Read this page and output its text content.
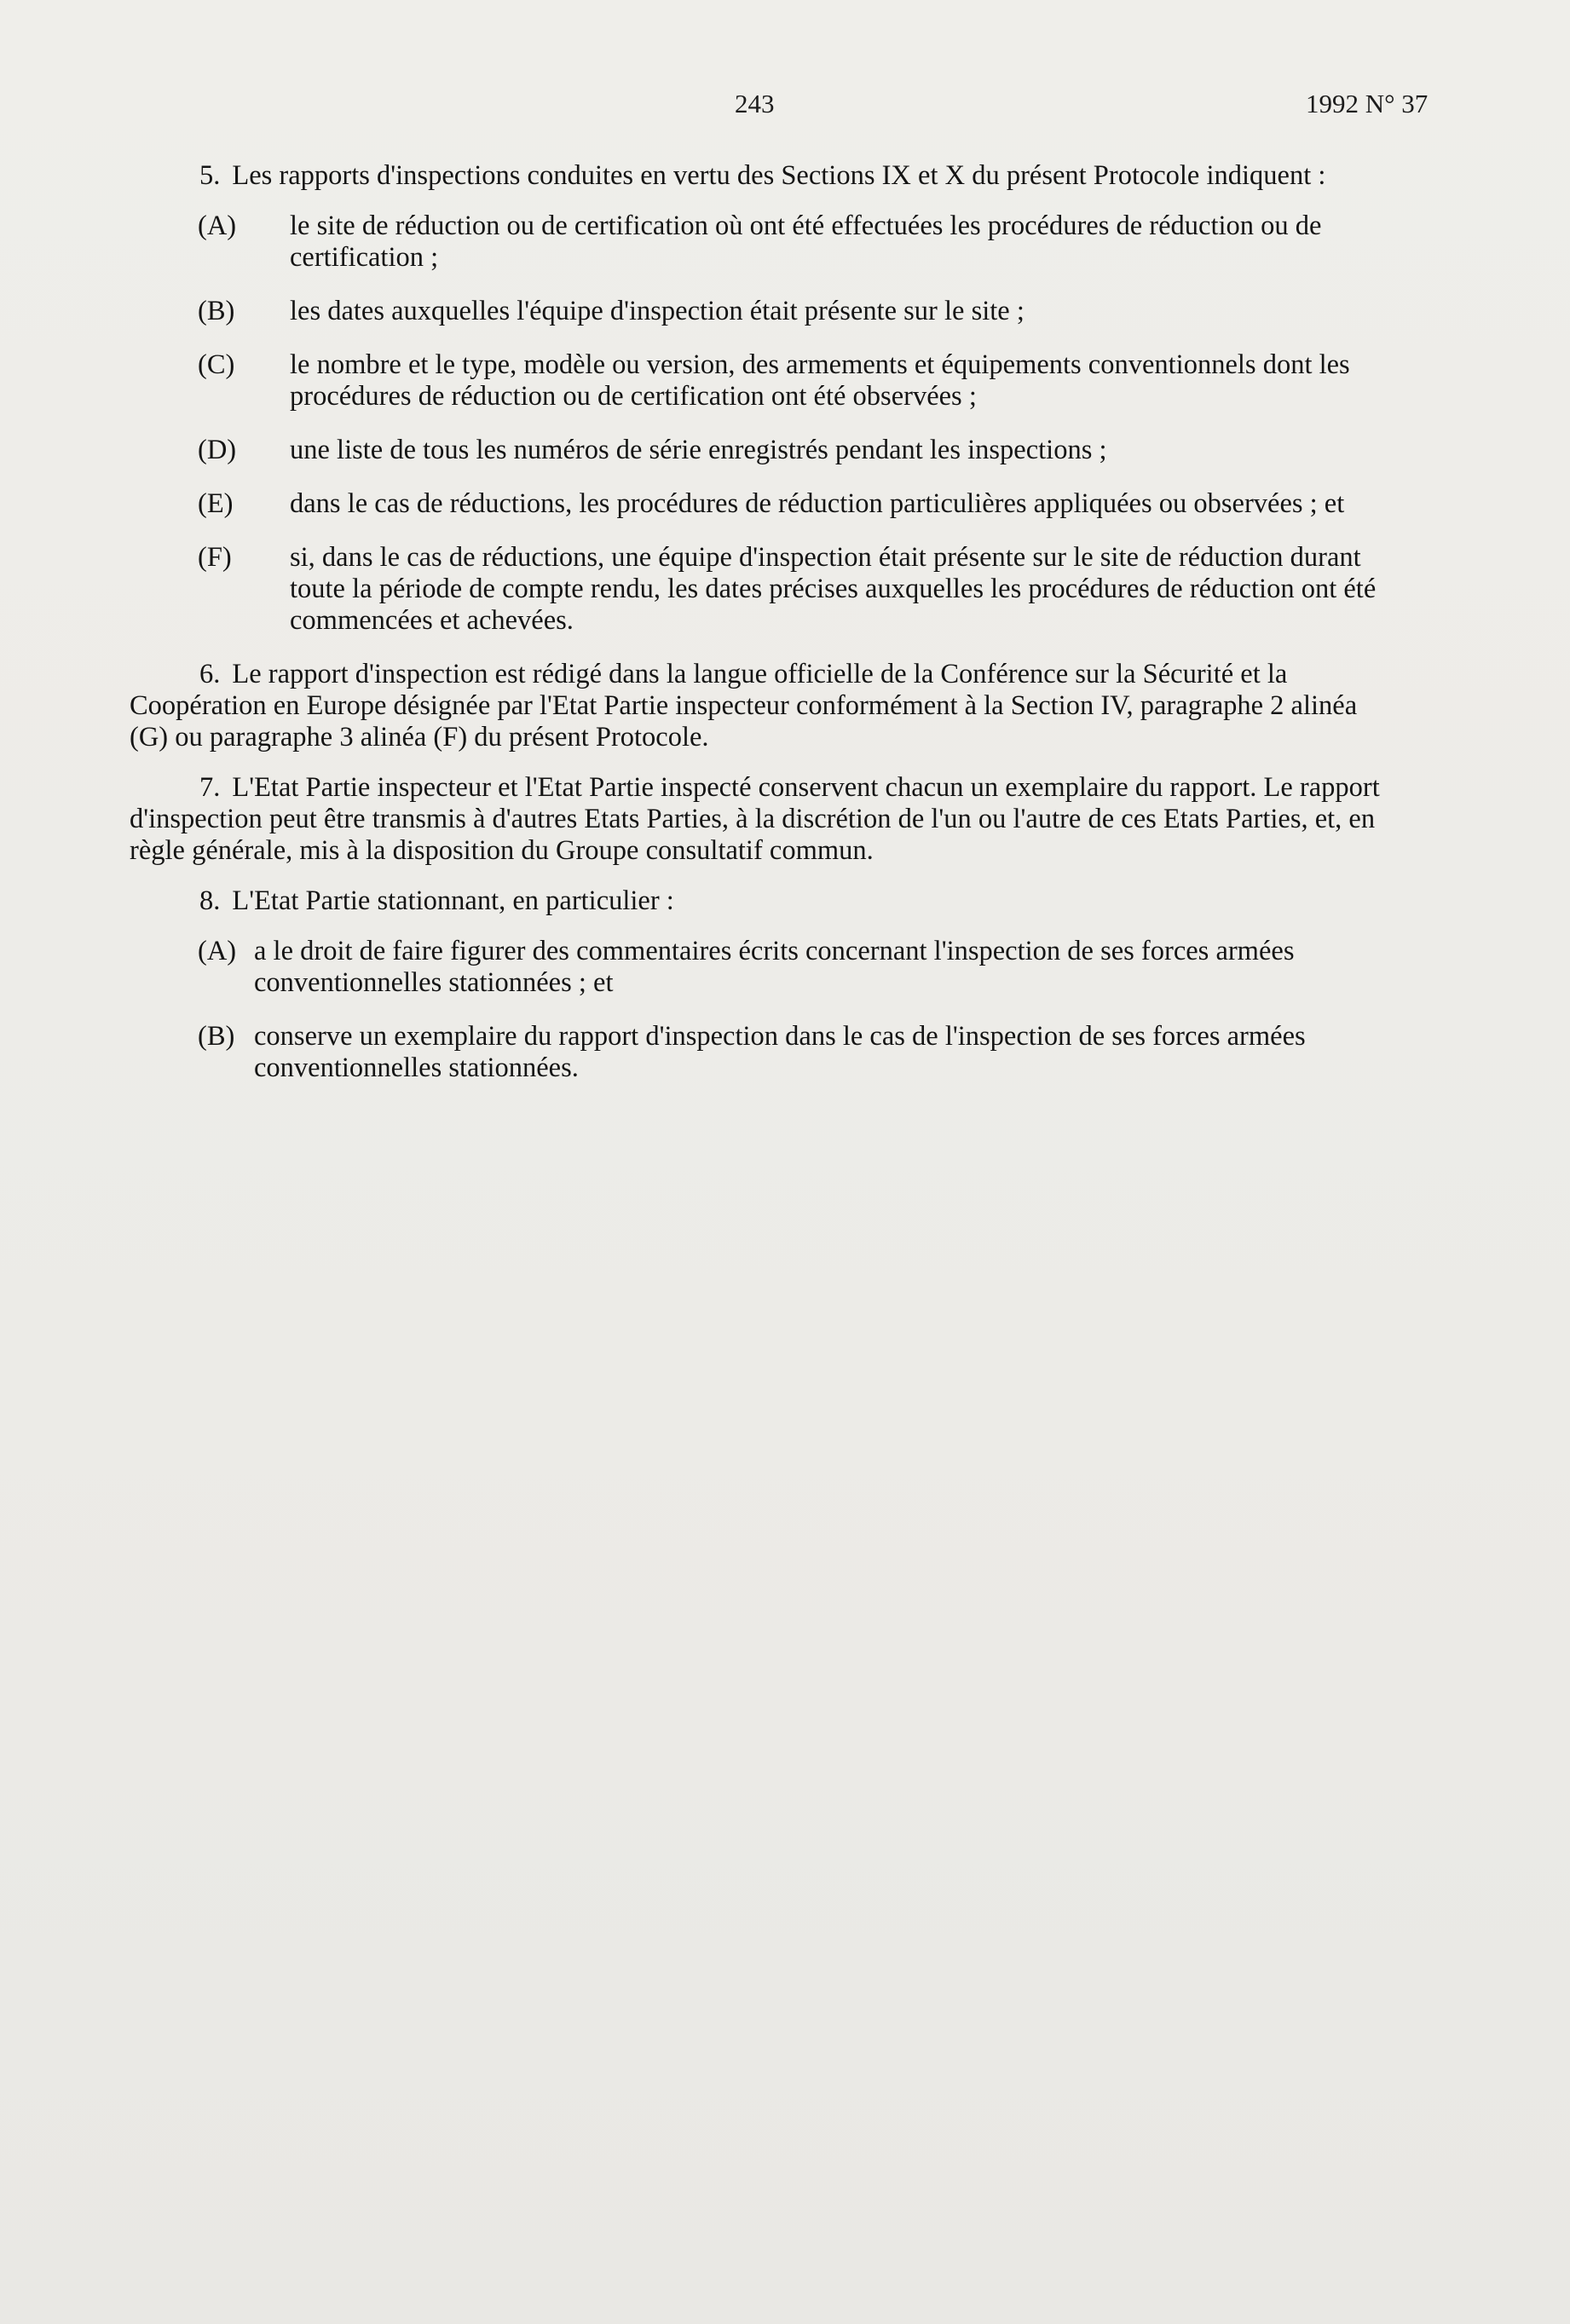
243	1992 N° 37

5. Les rapports d'inspections conduites en vertu des Sections IX et X du présent Protocole indiquent :

(A)	le site de réduction ou de certification où ont été effectuées les procédures de réduction ou de certification ;
(B)	les dates auxquelles l'équipe d'inspection était présente sur le site ;
(C)	le nombre et le type, modèle ou version, des armements et équipements conventionnels dont les procédures de réduction ou de certification ont été observées ;
(D)	une liste de tous les numéros de série enregistrés pendant les inspections ;
(E)	dans le cas de réductions, les procédures de réduction particulières appliquées ou observées ; et
(F)	si, dans le cas de réductions, une équipe d'inspection était présente sur le site de réduction durant toute la période de compte rendu, les dates précises auxquelles les procédures de réduction ont été commencées et achevées.

6. Le rapport d'inspection est rédigé dans la langue officielle de la Conférence sur la Sécurité et la Coopération en Europe désignée par l'Etat Partie inspecteur conformément à la Section IV, paragraphe 2 alinéa (G) ou paragraphe 3 alinéa (F) du présent Protocole.

7. L'Etat Partie inspecteur et l'Etat Partie inspecté conservent chacun un exemplaire du rapport. Le rapport d'inspection peut être transmis à d'autres Etats Parties, à la discrétion de l'un ou l'autre de ces Etats Parties, et, en règle générale, mis à la disposition du Groupe consultatif commun.

8. L'Etat Partie stationnant, en particulier :

(A) a le droit de faire figurer des commentaires écrits concernant l'inspection de ses forces armées conventionnelles stationnées ; et
(B) conserve un exemplaire du rapport d'inspection dans le cas de l'inspection de ses forces armées conventionnelles stationnées.
